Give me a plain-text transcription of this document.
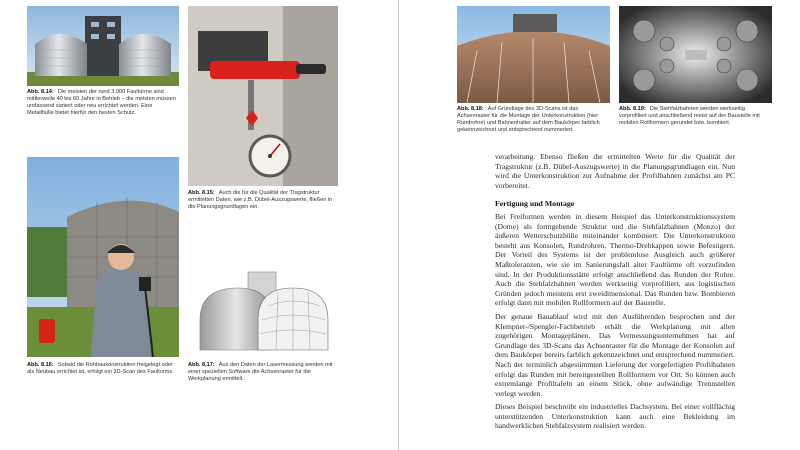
Abb. 8.14: Die meisten der rund 3.000 Faultürme sind mittlerweile 40 bis 60 Jahre in Betrieb – die meisten müssen umfassend saniert oder neu errichtet werden. Eine Metallhülle bietet hierfür den besten Schutz.
Abb. 8.15: Auch die für die Qualität der Tragstruktur ermittelten Daten, wie z.B. Dübel-Auszugswerte, fließen in die Planungsgrundlagen ein.
Abb. 8.16: Sobald die Rohbaukonstruktion freigelegt oder als Neubau errichtet ist, erfolgt ein 3D-Scan des Faulturms.
Abb. 8.17: Aus den Daten der Lasermessung werden mit einer speziellen Software die Achsenraster für die Werkplanung ermittelt.
Abb. 8.18: Auf Grundlage des 3D-Scans ist das Achsenraster für die Montage der Unterkonstruktion (hier Rundrohre) und Bahnenhalter auf dem Baukörper farblich gekennzeichnet und entsprechend nummeriert.
Abb. 8.19: Die Stehfalzbahnen werden werkseitig vorprofiliert und anschließend meist auf der Baustelle mit mobilen Rollformern gerundet bzw. bombiert.

verarbeitung. Ebenso fließen die ermittelten Werte für die Qualität der Tragstruktur (z.B. Dübel-Auszugswerte) in die Planungsgrundlagen ein. Nun wird die Unterkonstruktion zur Aufnahme der Profilbahnen zunächst am PC vorbereitet.

Fertigung und Montage

Bei Freiformen werden in diesem Beispiel das Unterkonstruktionssystem (Dome) als formgebende Struktur und die Stehfalzbahnen (Monzo) der äußeren Wetterschutzhülle miteinander kombiniert. Die Unterkonstruktion besteht aus Konsolen, Rundrohren, Thermo-Drehkappen sowie Befestigern. Der Vorteil des Systems ist der problemlose Ausgleich auch größerer Maßtoleranzen, wie sie im Sanierungsfall alter Faultürme oft vorzufinden sind. In der Produktionsstätte erfolgt anschließend das Runden der Rohre. Auch die Stehfalzbahnen werden werkseitig vorprofiliert, aus logistischen Gründen jedoch meistens erst zweidimensional. Das Runden bzw. Bombieren erfolgt dann mit mobilen Rollformern auf der Baustelle.

Der genaue Bauablauf wird mit den Ausführenden besprochen und der Klempner-/Spengler-Fachbetrieb erhält die Werkplanung mit allen zugehörigen Montageplänen. Das Vermessungsunternehmen hat auf Grundlage des 3D-Scans das Achsenraster für die Montage der Konsolen auf dem Baukörper bereits farblich gekennzeichnet und entsprechend nummeriert. Nach der terminlich abgestimmten Lieferung der vorgefertigten Profilbahnen erfolgt das Runden mit bereitgestellten Rollformern vor Ort. So können auch extremlange Profiltafeln an einem Stück, ohne aufwändige Trennstellen verlegt werden.

Dieses Beispiel beschreibt ein industrielles Dachsystem. Bei einer vollflächig unterstützenden Unterkonstruktion kann auch eine Bekleidung im handwerklichen Stehfalzsystem realisiert werden.
